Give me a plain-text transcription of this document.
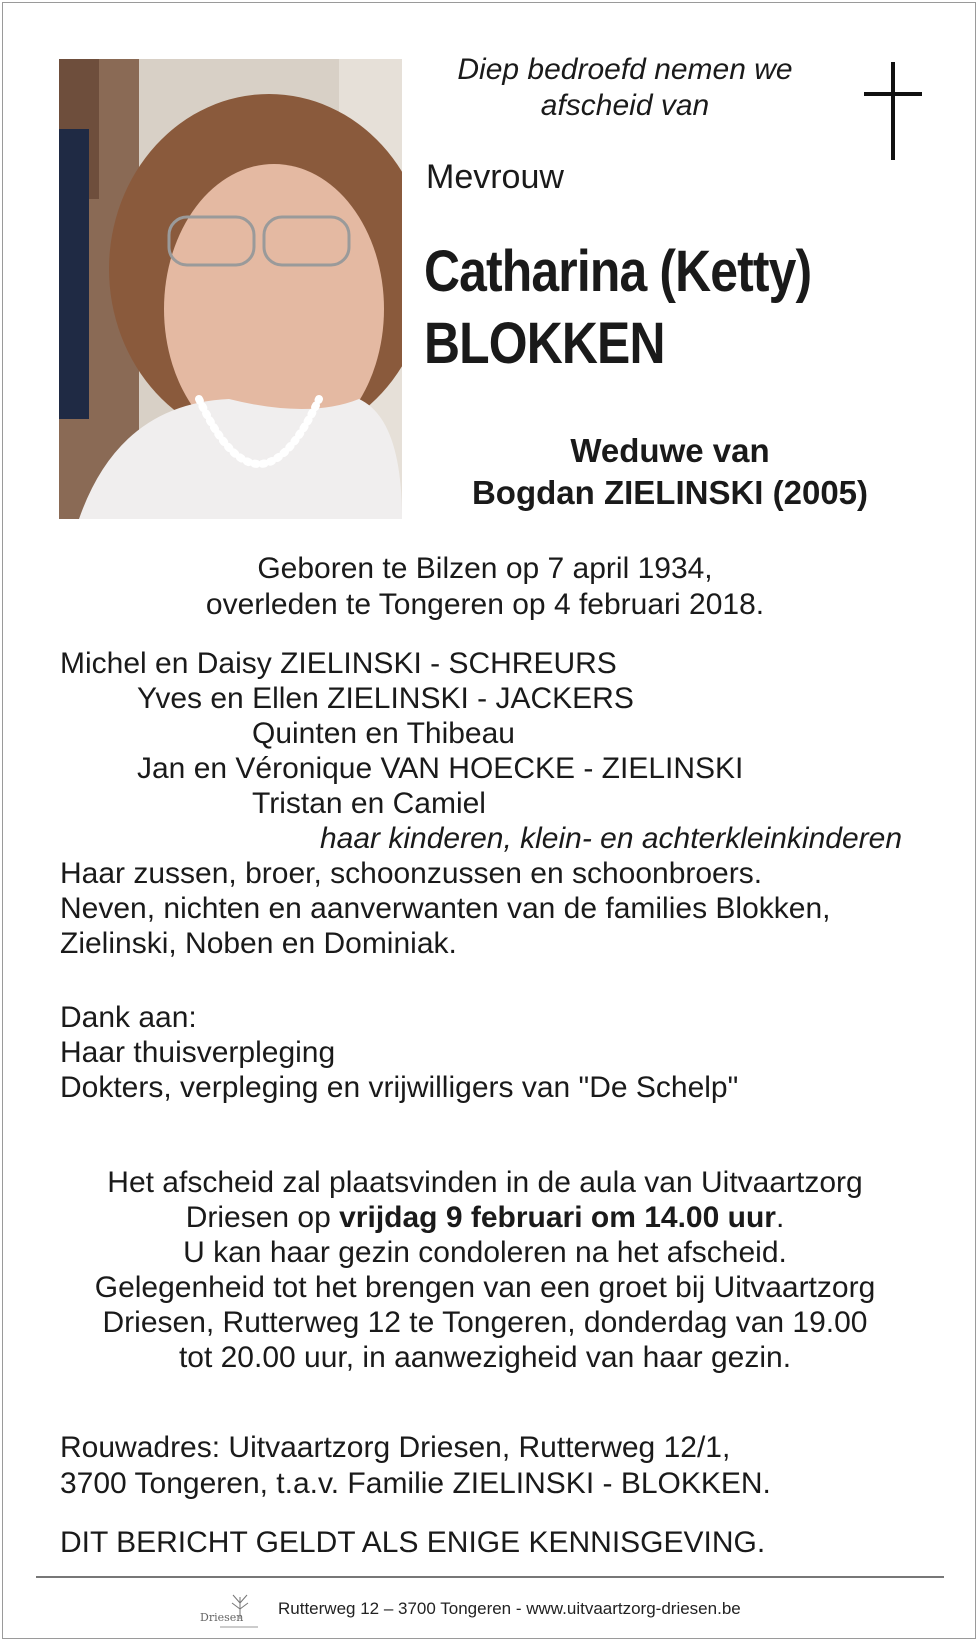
Diep bedroefd nemen we
afscheid van
Mevrouw
Catharina (Ketty)
BLOKKEN
Weduwe van
Bogdan ZIELINSKI (2005)
Geboren te Bilzen op 7 april 1934,
overleden te Tongeren op 4 februari 2018.
Michel en Daisy ZIELINSKI - SCHREURS
Yves en Ellen ZIELINSKI - JACKERS
Quinten en Thibeau
Jan en Véronique VAN HOECKE - ZIELINSKI
Tristan en Camiel
haar kinderen, klein- en achterkleinkinderen
Haar zussen, broer, schoonzussen en schoonbroers.
Neven, nichten en aanverwanten van de families Blokken,
Zielinski, Noben en Dominiak.
Dank aan:
Haar thuisverpleging
Dokters, verpleging en vrijwilligers van "De Schelp"
Het afscheid zal plaatsvinden in de aula van Uitvaartzorg
Driesen op vrijdag 9 februari om 14.00 uur.
U kan haar gezin condoleren na het afscheid.
Gelegenheid tot het brengen van een groet bij Uitvaartzorg
Driesen, Rutterweg 12 te Tongeren, donderdag van 19.00
tot 20.00 uur, in aanwezigheid van haar gezin.
Rouwadres: Uitvaartzorg Driesen, Rutterweg 12/1,
3700 Tongeren, t.a.v. Familie ZIELINSKI - BLOKKEN.
DIT BERICHT GELDT ALS ENIGE KENNISGEVING.
Driesen Rutterweg 12 – 3700 Tongeren - www.uitvaartzorg-driesen.be
